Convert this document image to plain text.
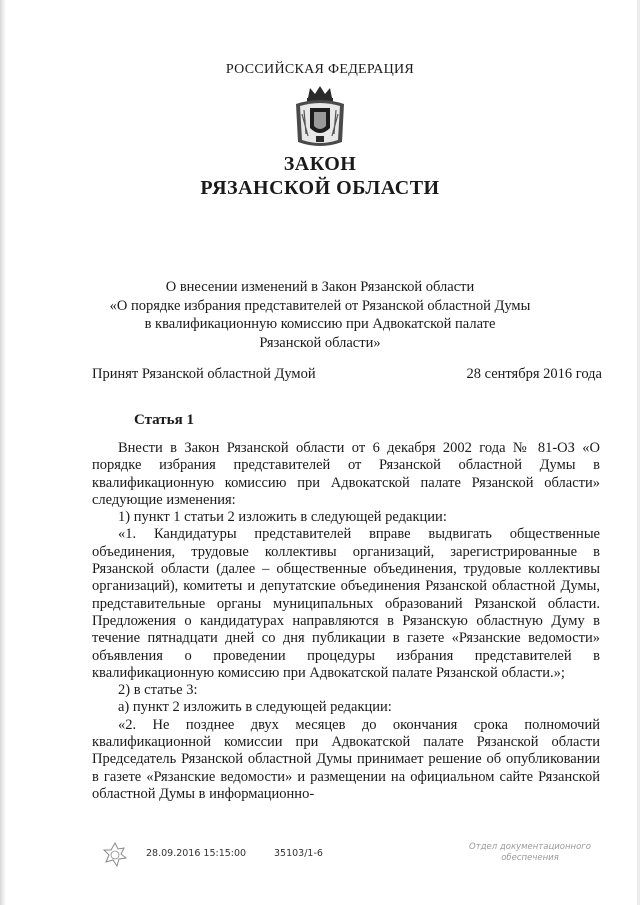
РОССИЙСКАЯ ФЕДЕРАЦИЯ
ЗАКОН
РЯЗАНСКОЙ ОБЛАСТИ
О внесении изменений в Закон Рязанской области
«О порядке избрания представителей от Рязанской областной Думы
в квалификационную комиссию при Адвокатской палате
Рязанской области»
Принят Рязанской областной Думой	28 сентября 2016 года
Статья 1

Внести в Закон Рязанской области от 6 декабря 2002 года № 81-ОЗ «О порядке избрания представителей от Рязанской областной Думы в квалификационную комиссию при Адвокатской палате Рязанской области» следующие изменения:

1) пункт 1 статьи 2 изложить в следующей редакции:

«1. Кандидатуры представителей вправе выдвигать общественные объединения, трудовые коллективы организаций, зарегистрированные в Рязанской области (далее – общественные объединения, трудовые коллективы организаций), комитеты и депутатские объединения Рязанской областной Думы, представительные органы муниципальных образований Рязанской области. Предложения о кандидатурах направляются в Рязанскую областную Думу в течение пятнадцати дней со дня публикации в газете «Рязанские ведомости» объявления о проведении процедуры избрания представителей в квалификационную комиссию при Адвокатской палате Рязанской области.»;

2) в статье 3:

а) пункт 2 изложить в следующей редакции:

«2. Не позднее двух месяцев до окончания срока полномочий квалификационной комиссии при Адвокатской палате Рязанской области Председатель Рязанской областной Думы принимает решение об опубликовании в газете «Рязанские ведомости» и размещении на официальном сайте Рязанской областной Думы в информационно-

28.09.2016 15:15:00	35103/1-6
Отдел документационного
обеспечения
